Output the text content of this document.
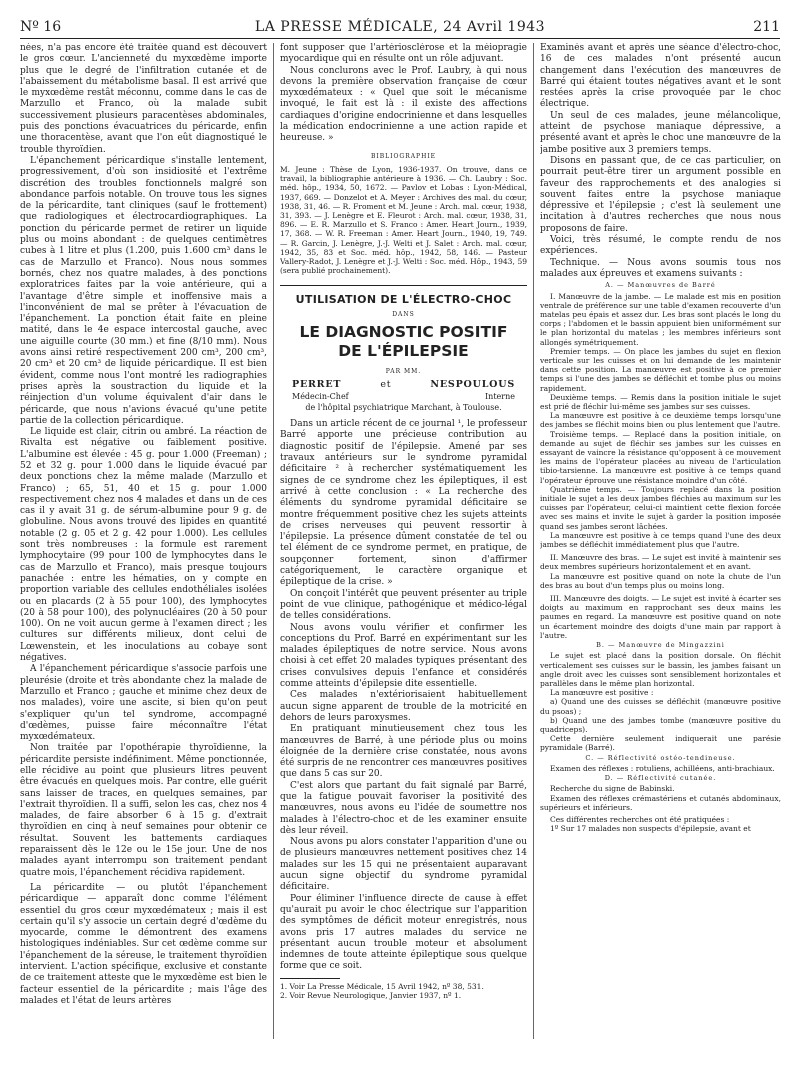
Nº 16	LA PRESSE MÉDICALE, 24 Avril 1943	211

nées, n'a pas encore été traitée quand est découvert le gros cœur. L'ancienneté du myxœdème importe plus que le degré de l'infiltration cutanée et de l'abaissement du métabolisme basal. Il est arrivé que le myxœdème restât méconnu, comme dans le cas de Marzullo et Franco, où la malade subit successivement plusieurs paracentèses abdominales, puis des ponctions évacuatrices du péricarde, enfin une thoracentèse, avant que l'on eût diagnostiqué le trouble thyroïdien.

L'épanchement péricardique s'installe lentement, progressivement, d'où son insidiosité et l'extrême discrétion des troubles fonctionnels malgré son abondance parfois notable. On trouve tous les signes de la péricardite, tant cliniques (sauf le frottement) que radiologiques et électrocardiographiques. La ponction du péricarde permet de retirer un liquide plus ou moins abondant : de quelques centimètres cubes à 1 litre et plus (1.200, puis 1.600 cm³ dans le cas de Marzullo et Franco). Nous nous sommes bornés, chez nos quatre malades, à des ponctions exploratrices faites par la voie antérieure, qui a l'avantage d'être simple et inoffensive mais a l'inconvénient de mal se prêter à l'évacuation de l'épanchement. La ponction était faite en pleine matité, dans le 4e espace intercostal gauche, avec une aiguille courte (30 mm.) et fine (8/10 mm). Nous avons ainsi retiré respectivement 200 cm³, 200 cm³, 20 cm³ et 20 cm³ de liquide péricardique. Il est bien évident, comme nous l'ont montré les radiographies prises après la soustraction du liquide et la réinjection d'un volume équivalent d'air dans le péricarde, que nous n'avions évacué qu'une petite partie de la collection péricardique.

Le liquide est clair, citrin ou ambré. La réaction de Rivalta est négative ou faiblement positive. L'albumine est élevée : 45 g. pour 1.000 (Freeman) ; 52 et 32 g. pour 1.000 dans le liquide évacué par deux ponctions chez la même malade (Marzullo et Franco) ; 65, 51, 40 et 15 g. pour 1.000 respectivement chez nos 4 malades et dans un de ces cas il y avait 31 g. de sérum-albumine pour 9 g. de globuline. Nous avons trouvé des lipides en quantité notable (2 g. 05 et 2 g. 42 pour 1.000). Les cellules sont très nombreuses : la formule est rarement lymphocytaire (99 pour 100 de lymphocytes dans le cas de Marzullo et Franco), mais presque toujours panachée : entre les hématies, on y compte en proportion variable des cellules endothéliales isolées ou en placards (2 à 55 pour 100), des lymphocytes (20 à 58 pour 100), des polynucléaires (20 à 50 pour 100). On ne voit aucun germe à l'examen direct ; les cultures sur différents milieux, dont celui de Lœwenstein, et les inoculations au cobaye sont négatives.

A l'épanchement péricardique s'associe parfois une pleurésie (droite et très abondante chez la malade de Marzullo et Franco ; gauche et minime chez deux de nos malades), voire une ascite, si bien qu'on peut s'expliquer qu'un tel syndrome, accompagné d'œdèmes, puisse faire méconnaître l'état myxœdémateux.

Non traitée par l'opothérapie thyroïdienne, la péricardite persiste indéfiniment. Même ponctionnée, elle récidive au point que plusieurs litres peuvent être évacués en quelques mois. Par contre, elle guérit sans laisser de traces, en quelques semaines, par l'extrait thyroïdien. Il a suffi, selon les cas, chez nos 4 malades, de faire absorber 6 à 15 g. d'extrait thyroïdien en cinq à neuf semaines pour obtenir ce résultat. Souvent les battements cardiaques reparaissent dès le 12e ou le 15e jour. Une de nos malades ayant interrompu son traitement pendant quatre mois, l'épanchement récidiva rapidement.

La péricardite — ou plutôt l'épanchement péricardique — apparaît donc comme l'élément essentiel du gros cœur myxœdémateux ; mais il est certain qu'il s'y associe un certain degré d'œdème du myocarde, comme le démontrent des examens histologiques indéniables. Sur cet œdème comme sur l'épanchement de la séreuse, le traitement thyroïdien intervient. L'action spécifique, exclusive et constante de ce traitement atteste que le myxœdème est bien le facteur essentiel de la péricardite ; mais l'âge des malades et l'état de leurs artères

font supposer que l'artériosclérose et la méiopragie myocardique qui en résulte ont un rôle adjuvant.

Nous conclurons avec le Prof. Laubry, à qui nous devons la première observation française de cœur myxœdémateux : « Quel que soit le mécanisme invoqué, le fait est là : il existe des affections cardiaques d'origine endocrinienne et dans lesquelles la médication endocrinienne a une action rapide et heureuse. »

BIBLIOGRAPHIE

M. Jeune : Thèse de Lyon, 1936-1937. On trouve, dans ce travail, la bibliographie antérieure à 1936. — Ch. Laubry : Soc. méd. hôp., 1934, 50, 1672. — Pavlov et Lobas : Lyon-Médical, 1937, 669. — Donzelot et A. Meyer : Archives des mal. du cœur, 1938, 31, 46. — R. Froment et M. Jeune : Arch. mal. cœur, 1938, 31, 393. — J. Lenègre et E. Fleurot : Arch. mal. cœur, 1938, 31, 896. — E. R. Marzullo et S. Franco : Amer. Heart Journ., 1939, 17, 368. — W. R. Freeman : Amer. Heart Journ., 1940, 19, 749. — R. Garcin, J. Lenègre, J.-J. Welti et J. Salet : Arch. mal. cœur, 1942, 35, 83 et Soc. méd. hôp., 1942, 58, 146. — Pasteur Vallery-Radot, J. Lenègre et J.-J. Welti : Soc. méd. Hôp., 1943, 59 (sera publié prochainement).

UTILISATION DE L'ÉLECTRO-CHOC
DANS
LE DIAGNOSTIC POSITIF
DE L'ÉPILEPSIE
PAR MM.
PERRET	et	NESPOULOUS
Médecin-Chef	Interne
de l'hôpital psychiatrique Marchant, à Toulouse.

Dans un article récent de ce journal ¹, le professeur Barré apporte une précieuse contribution au diagnostic positif de l'épilepsie. Amené par ses travaux antérieurs sur le syndrome pyramidal déficitaire ² à rechercher systématiquement les signes de ce syndrome chez les épileptiques, il est arrivé à cette conclusion : « La recherche des éléments du syndrome pyramidal déficitaire se montre fréquemment positive chez les sujets atteints de crises nerveuses qui peuvent ressortir à l'épilepsie. La présence dûment constatée de tel ou tel élément de ce syndrome permet, en pratique, de soupçonner fortement, sinon d'affirmer catégoriquement, le caractère organique et épileptique de la crise. »

On conçoit l'intérêt que peuvent présenter au triple point de vue clinique, pathogénique et médico-légal de telles considérations.

Nous avons voulu vérifier et confirmer les conceptions du Prof. Barré en expérimentant sur les malades épileptiques de notre service. Nous avons choisi à cet effet 20 malades typiques présentant des crises convulsives depuis l'enfance et considérés comme atteints d'épilepsie dite essentielle.

Ces malades n'extériorisaient habituellement aucun signe apparent de trouble de la motricité en dehors de leurs paroxysmes.

En pratiquant minutieusement chez tous les manœuvres de Barré, à une période plus ou moins éloignée de la dernière crise constatée, nous avons été surpris de ne rencontrer ces manœuvres positives que dans 5 cas sur 20.

C'est alors que partant du fait signalé par Barré, que la fatigue pouvait favoriser la positivité des manœuvres, nous avons eu l'idée de soumettre nos malades à l'électro-choc et de les examiner ensuite dès leur réveil.

Nous avons pu alors constater l'apparition d'une ou de plusieurs manœuvres nettement positives chez 14 malades sur les 15 qui ne présentaient auparavant aucun signe objectif du syndrome pyramidal déficitaire.

Pour éliminer l'influence directe de cause à effet qu'aurait pu avoir le choc électrique sur l'apparition des symptômes de déficit moteur enregistrés, nous avons pris 17 autres malades du service ne présentant aucun trouble moteur et absolument indemnes de toute atteinte épileptique sous quelque forme que ce soit.

1. Voir La Presse Médicale, 15 Avril 1942, nº 38, 531.

2. Voir Revue Neurologique, Janvier 1937, nº 1.

Examinés avant et après une séance d'électro-choc, 16 de ces malades n'ont présenté aucun changement dans l'exécution des manœuvres de Barré qui étaient toutes négatives avant et le sont restées après la crise provoquée par le choc électrique.

Un seul de ces malades, jeune mélancolique, atteint de psychose maniaque dépressive, a présenté avant et après le choc une manœuvre de la jambe positive aux 3 premiers temps.

Disons en passant que, de ce cas particulier, on pourrait peut-être tirer un argument possible en faveur des rapprochements et des analogies si souvent faites entre la psychose maniaque dépressive et l'épilepsie ; c'est là seulement une incitation à d'autres recherches que nous nous proposons de faire.

Voici, très résumé, le compte rendu de nos expériences.

Technique. — Nous avons soumis tous nos malades aux épreuves et examens suivants :

A. — Manœuvres de Barré

I. Manœuvre de la jambe. — Le malade est mis en position ventrale de préférence sur une table d'examen recouverte d'un matelas peu épais et assez dur. Les bras sont placés le long du corps ; l'abdomen et le bassin appuient bien uniformément sur le plan horizontal du matelas ; les membres inférieurs sont allongés symétriquement.

Premier temps. — On place les jambes du sujet en flexion verticale sur les cuisses et on lui demande de les maintenir dans cette position. La manœuvre est positive à ce premier temps si l'une des jambes se défléchit et tombe plus ou moins rapidement.

Deuxième temps. — Remis dans la position initiale le sujet est prié de fléchir lui-même ses jambes sur ses cuisses.

La manœuvre est positive à ce deuxième temps lorsqu'une des jambes se fléchit moins bien ou plus lentement que l'autre.

Troisième temps. — Replacé dans la position initiale, on demande au sujet de fléchir ses jambes sur les cuisses en essayant de vaincre la résistance qu'opposent à ce mouvement les mains de l'opérateur placées au niveau de l'articulation tibio-tarsienne. La manœuvre est positive à ce temps quand l'opérateur éprouve une résistance moindre d'un côté.

Quatrième temps. — Toujours replacé dans la position initiale le sujet a les deux jambes fléchies au maximum sur les cuisses par l'opérateur, celui-ci maintient cette flexion forcée avec ses mains et invite le sujet à garder la position imposée quand ses jambes seront lâchées.

La manœuvre est positive à ce temps quand l'une des deux jambes se défléchit immédiatement plus que l'autre.

II. Manœuvre des bras. — Le sujet est invité à maintenir ses deux membres supérieurs horizontalement et en avant.

La manœuvre est positive quand on note la chute de l'un des bras au bout d'un temps plus ou moins long.

III. Manœuvre des doigts. — Le sujet est invité à écarter ses doigts au maximum en rapprochant ses deux mains les paumes en regard. La manœuvre est positive quand on note un écartement moindre des doigts d'une main par rapport à l'autre.

B. — Manœuvre de Mingazzini

Le sujet est placé dans la position dorsale. On fléchit verticalement ses cuisses sur le bassin, les jambes faisant un angle droit avec les cuisses sont sensiblement horizontales et parallèles dans le même plan horizontal.

La manœuvre est positive :

a) Quand une des cuisses se défléchit (manœuvre positive du psoas) ;

b) Quand une des jambes tombe (manœuvre positive du quadriceps).

Cette dernière seulement indiquerait une parésie pyramidale (Barré).

C. — Réflectivité ostéo-tendineuse.

Examen des réflexes : rotuliens, achilléens, anti-brachiaux.

D. — Réflectivité cutanée.

Recherche du signe de Babinski.

Examen des réflexes crémastériens et cutanés abdominaux, supérieurs et inférieurs.

Ces différentes recherches ont été pratiquées :

1º Sur 17 malades non suspects d'épilepsie, avant et
